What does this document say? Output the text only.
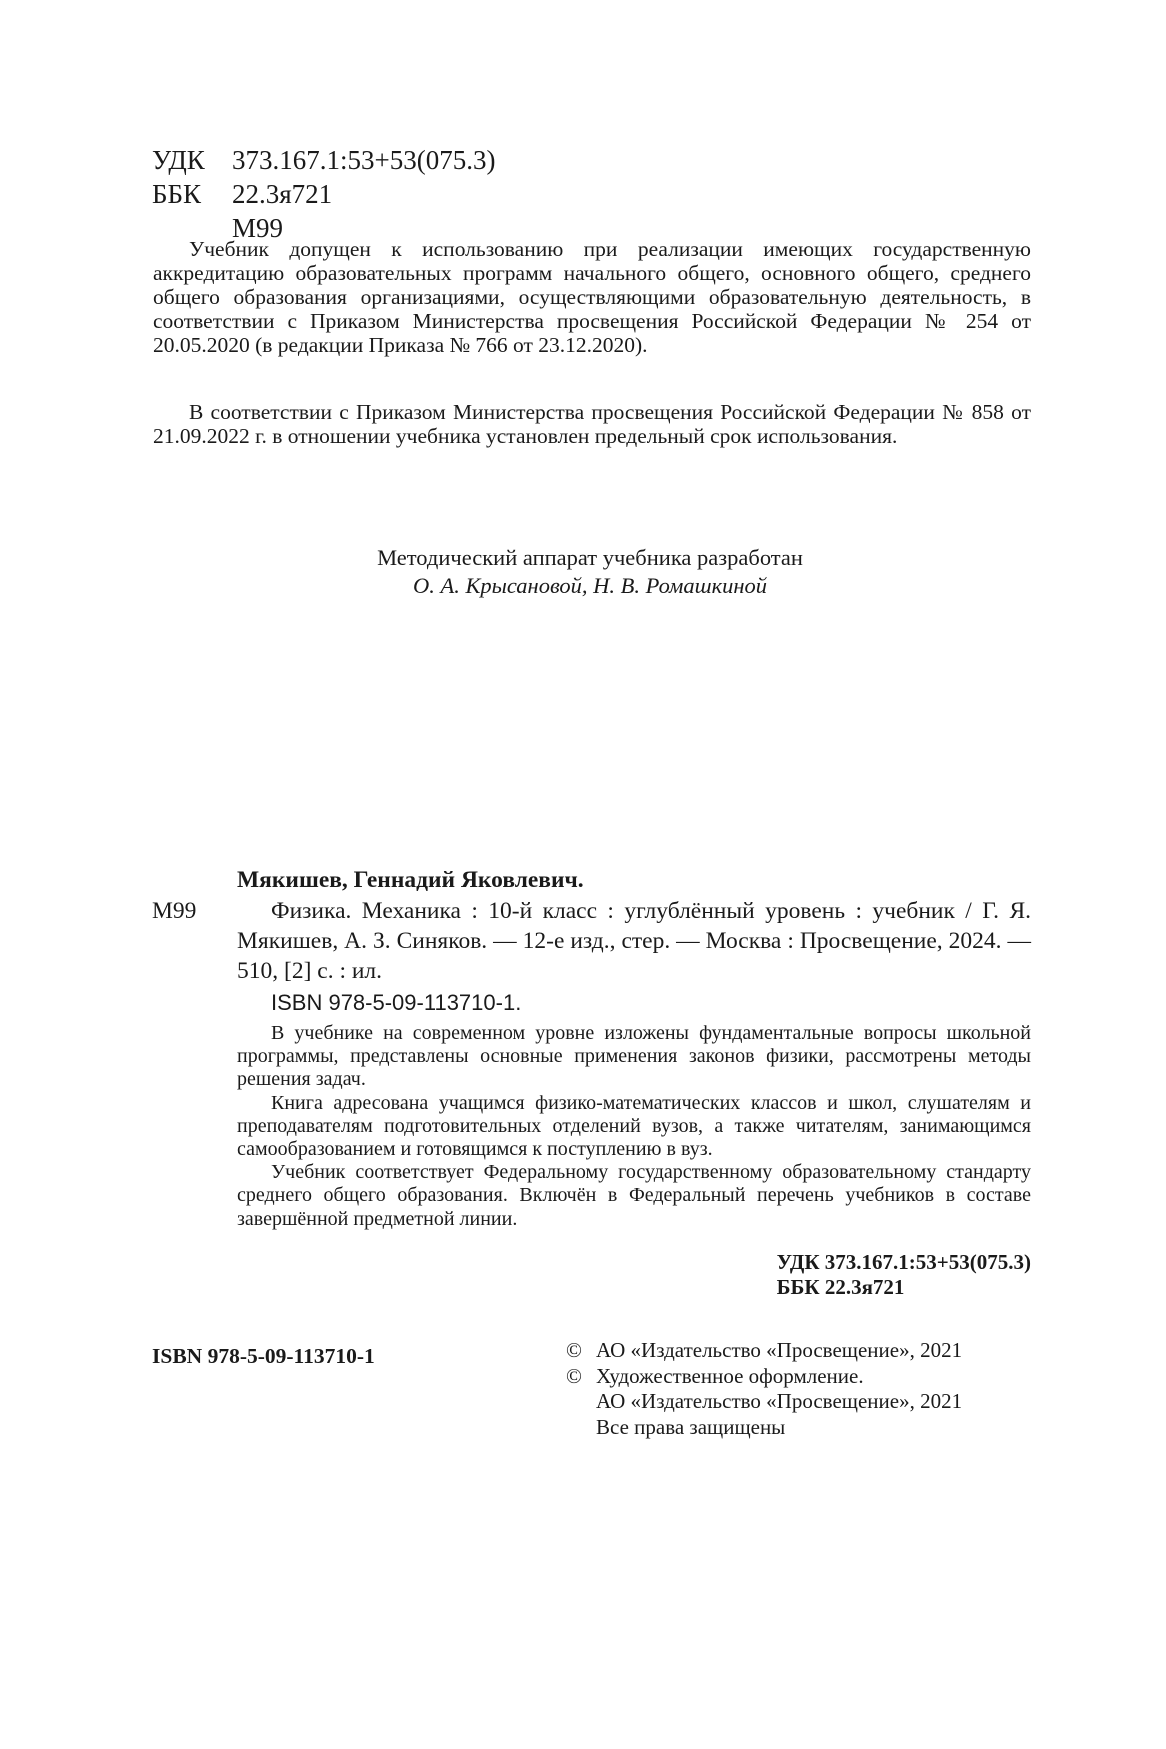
УДК	373.167.1:53+53(075.3)
ББК	22.3я721
М99

Учебник допущен к использованию при реализации имеющих государственную аккредитацию образовательных программ начального общего, основного общего, среднего общего образования организациями, осуществляющими образовательную деятельность, в соответствии с Приказом Министерства просвещения Российской Федерации № 254 от 20.05.2020 (в редакции Приказа № 766 от 23.12.2020).

В соответствии с Приказом Министерства просвещения Российской Федерации № 858 от 21.09.2022 г. в отношении учебника установлен предельный срок использования.

Методический аппарат учебника разработан
О. А. Крысановой, Н. В. Ромашкиной
Мякишев, Геннадий Яковлевич.
М99	Физика. Механика : 10-й класс : углублённый уровень : учебник / Г. Я. Мякишев, А. З. Синяков. — 12-е изд., стер. — Москва : Просвещение, 2024. — 510, [2] с. : ил.

ISBN 978-5-09-113710-1.

В учебнике на современном уровне изложены фундаментальные вопросы школьной программы, представлены основные применения законов физики, рассмотрены методы решения задач.

Книга адресована учащимся физико-математических классов и школ, слушателям и преподавателям подготовительных отделений вузов, а также читателям, занимающимся самообразованием и готовящимся к поступлению в вуз.

Учебник соответствует Федеральному государственному образовательному стандарту среднего общего образования. Включён в Федеральный перечень учебников в составе завершённой предметной линии.

УДК 373.167.1:53+53(075.3)
ББК 22.3я721
ISBN 978-5-09-113710-1	© АО «Издательство «Просвещение», 2021
© Художественное оформление.
АО «Издательство «Просвещение», 2021
Все права защищены
